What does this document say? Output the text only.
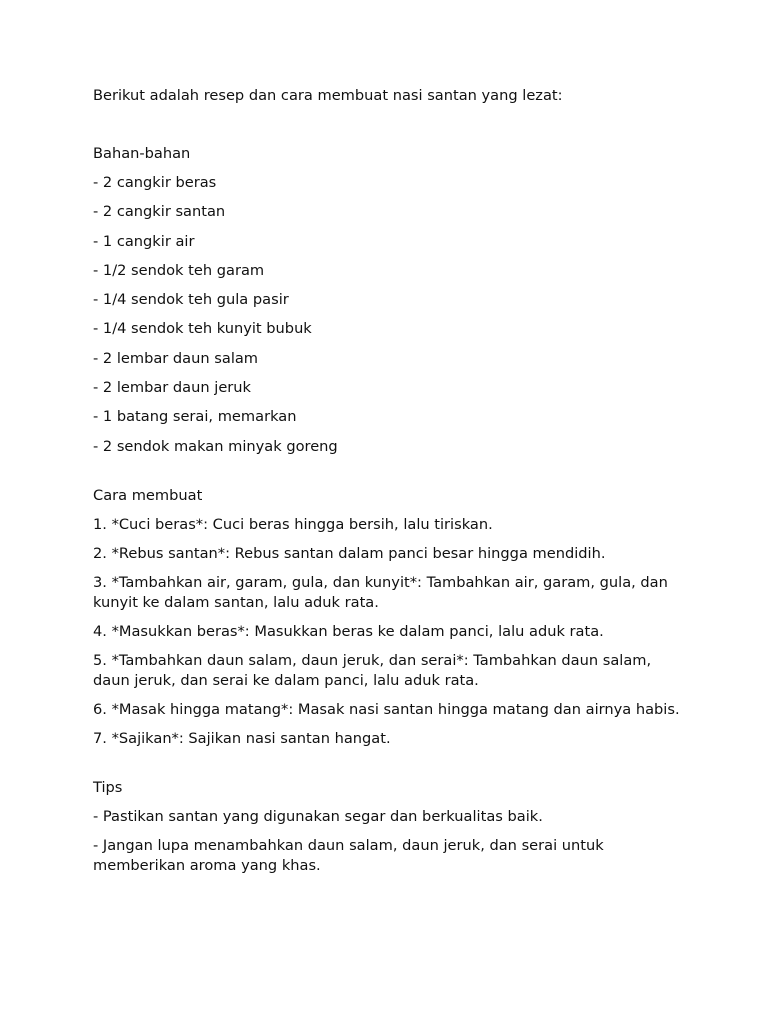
Berikut adalah resep dan cara membuat nasi santan yang lezat:

Bahan-bahan

- 2 cangkir beras

- 2 cangkir santan

- 1 cangkir air

- 1/2 sendok teh garam

- 1/4 sendok teh gula pasir

- 1/4 sendok teh kunyit bubuk

- 2 lembar daun salam

- 2 lembar daun jeruk

- 1 batang serai, memarkan

- 2 sendok makan minyak goreng

Cara membuat

1. *Cuci beras*: Cuci beras hingga bersih, lalu tiriskan.

2. *Rebus santan*: Rebus santan dalam panci besar hingga mendidih.

3. *Tambahkan air, garam, gula, dan kunyit*: Tambahkan air, garam, gula, dan kunyit ke dalam santan, lalu aduk rata.

4. *Masukkan beras*: Masukkan beras ke dalam panci, lalu aduk rata.

5. *Tambahkan daun salam, daun jeruk, dan serai*: Tambahkan daun salam, daun jeruk, dan serai ke dalam panci, lalu aduk rata.

6. *Masak hingga matang*: Masak nasi santan hingga matang dan airnya habis.

7. *Sajikan*: Sajikan nasi santan hangat.

Tips

- Pastikan santan yang digunakan segar dan berkualitas baik.

- Jangan lupa menambahkan daun salam, daun jeruk, dan serai untuk memberikan aroma yang khas.
